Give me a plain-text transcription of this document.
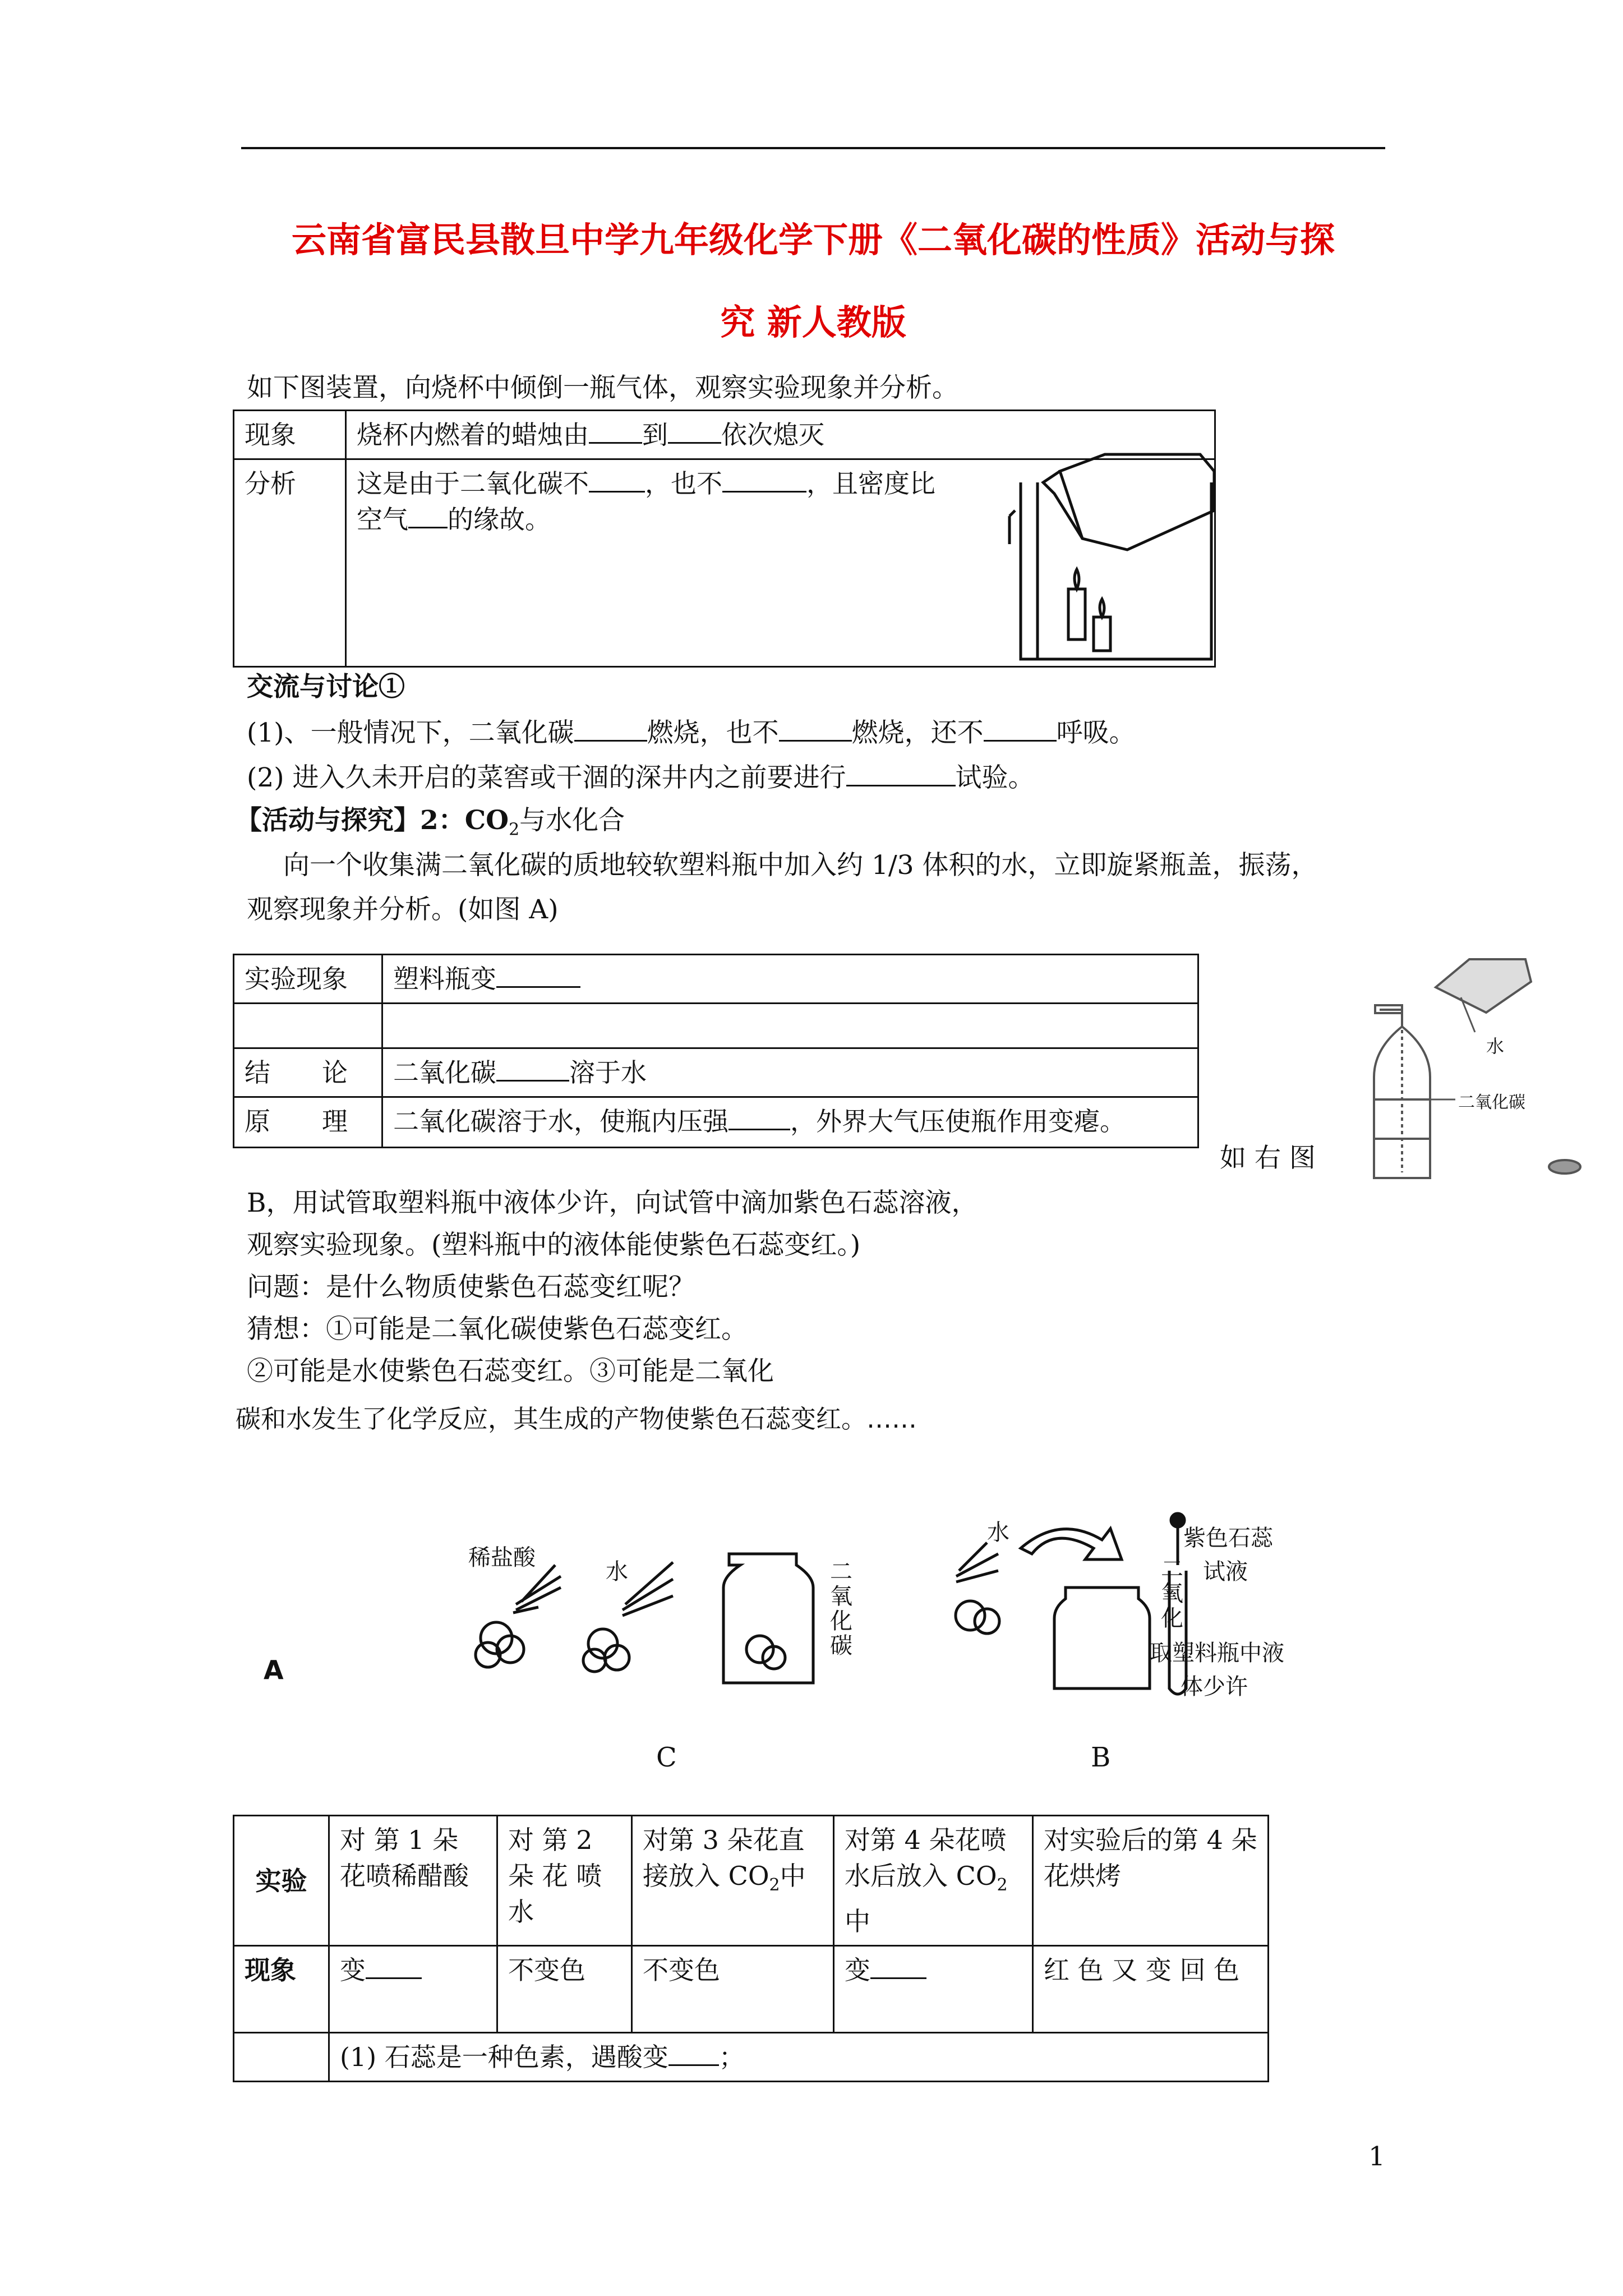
云南省富民县散旦中学九年级化学下册《二氧化碳的性质》活动与探
究 新人教版
如下图装置，向烧杯中倾倒一瓶气体，观察实验现象并分析。
现象	烧杯内燃着的蜡烛由 到 依次熄灭
分析	这是由于二氧化碳不 ，也不 ，且密度比
空气 的缘故。
交流与讨论①
(1)、一般情况下，二氧化碳	燃烧，也不	燃烧，还不	呼吸。
(2) 进入久未开启的菜窖或干涸的深井内之前要进行	试验。
【活动与探究】2：$CO_2$与水化合
向一个收集满二氧化碳的质地较软塑料瓶中加入约 1/3 体积的水，立即旋紧瓶盖，振荡，
观察现象并分析。(如图 A)
实验现象	塑料瓶变

结　　论	二氧化碳 溶于水
原　　理	二氧化碳溶于水，使瓶内压强 ，外界大气压使瓶作用变瘪。
水
二氧化碳
如 右 图
B，用试管取塑料瓶中液体少许，向试管中滴加紫色石蕊溶液，
观察实验现象。(塑料瓶中的液体能使紫色石蕊变红。)
问题：是什么物质使紫色石蕊变红呢？
猜想：①可能是二氧化碳使紫色石蕊变红。
②可能是水使紫色石蕊变红。③可能是二氧化
碳和水发生了化学反应，其生成的产物使紫色石蕊变红。……
稀盐酸
水
水
二
氧
化
碳
二
氧
化
紫色石蕊
试液
取塑料瓶中液
体少许
A
C	B
实验	对 第 1 朵 花喷稀醋酸	对 第 2 朵 花 喷 水	对第 3 朵花直接放入 $CO_2$中	对第 4 朵花喷水后放入 $CO_2$中	对实验后的第 4 朵花烘烤
现象	变	不变色	不变色	变	红 色 又 变 回 色
	(1) 石蕊是一种色素，遇酸变 ；				
1
